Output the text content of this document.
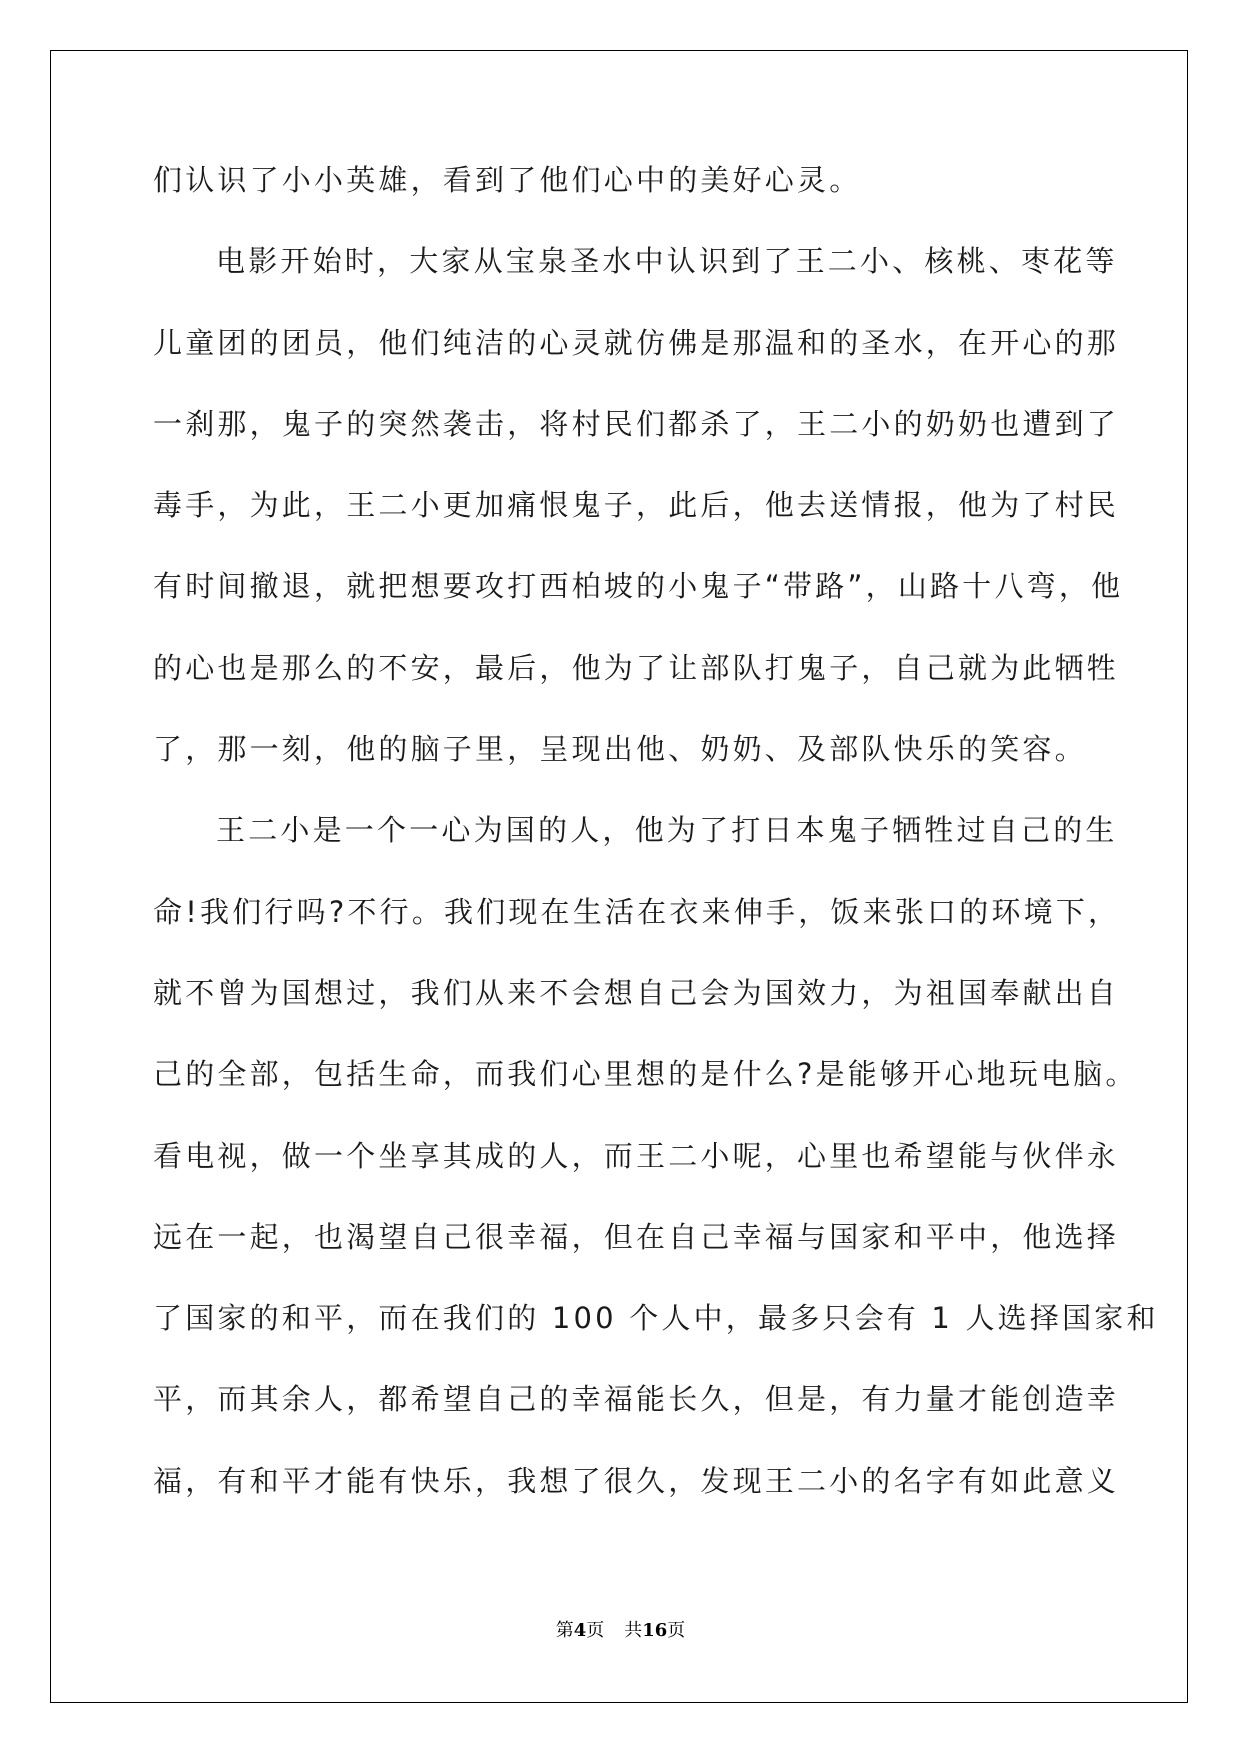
们认识了小小英雄，看到了他们心中的美好心灵。
电影开始时，大家从宝泉圣水中认识到了王二小、核桃、枣花等
儿童团的团员，他们纯洁的心灵就仿佛是那温和的圣水，在开心的那
一刹那，鬼子的突然袭击，将村民们都杀了，王二小的奶奶也遭到了
毒手，为此，王二小更加痛恨鬼子，此后，他去送情报，他为了村民
有时间撤退，就把想要攻打西柏坡的小鬼子“带路”，山路十八弯，他
的心也是那么的不安，最后，他为了让部队打鬼子，自己就为此牺牲
了，那一刻，他的脑子里，呈现出他、奶奶、及部队快乐的笑容。
王二小是一个一心为国的人，他为了打日本鬼子牺牲过自己的生
命!我们行吗?不行。我们现在生活在衣来伸手，饭来张口的环境下，
就不曾为国想过，我们从来不会想自己会为国效力，为祖国奉献出自
己的全部，包括生命，而我们心里想的是什么?是能够开心地玩电脑。
看电视，做一个坐享其成的人，而王二小呢，心里也希望能与伙伴永
远在一起，也渴望自己很幸福，但在自己幸福与国家和平中，他选择
了国家的和平，而在我们的 100 个人中，最多只会有 1 人选择国家和
平，而其余人，都希望自己的幸福能长久，但是，有力量才能创造幸
福，有和平才能有快乐，我想了很久，发现王二小的名字有如此意义
第4页 共16页
